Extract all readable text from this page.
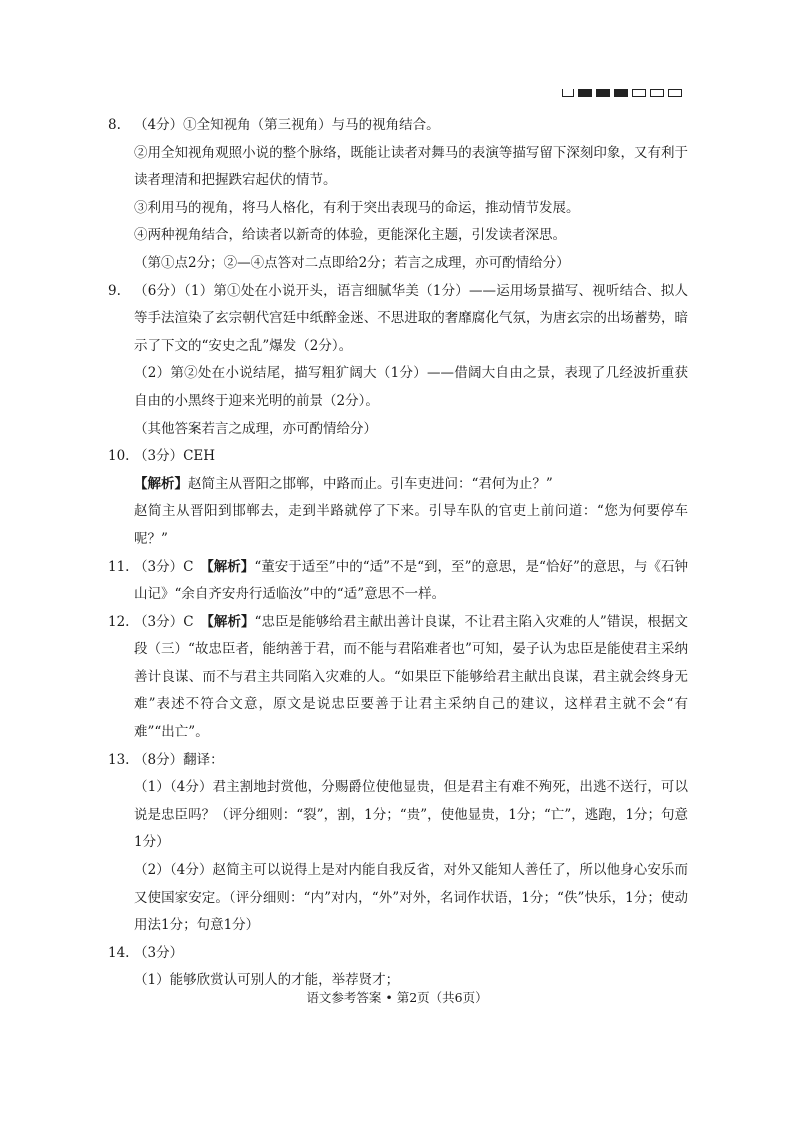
8. （4分）①全知视角（第三视角）与马的视角结合。

②用全知视角观照小说的整个脉络，既能让读者对舞马的表演等描写留下深刻印象，又有利于读者理清和把握跌宕起伏的情节。

③利用马的视角，将马人格化，有利于突出表现马的命运，推动情节发展。

④两种视角结合，给读者以新奇的体验，更能深化主题，引发读者深思。

（第①点2分；②—④点答对二点即给2分；若言之成理，亦可酌情给分）

9. （6分）（1）第①处在小说开头，语言细腻华美（1分）——运用场景描写、视听结合、拟人等手法渲染了玄宗朝代宫廷中纸醉金迷、不思进取的奢靡腐化气氛，为唐玄宗的出场蓄势，暗示了下文的“安史之乱”爆发（2分）。

（2）第②处在小说结尾，描写粗犷阔大（1分）——借阔大自由之景，表现了几经波折重获自由的小黑终于迎来光明的前景（2分）。

（其他答案若言之成理，亦可酌情给分）

10. （3分）CEH

【解析】赵简主从晋阳之邯郸，中路而止。引车吏进问：“君何为止？”

赵简主从晋阳到邯郸去，走到半路就停了下来。引导车队的官吏上前问道：“您为何要停车呢？”

11. （3分）C　【解析】“董安于适至”中的“适”不是“到，至”的意思，是“恰好”的意思，与《石钟山记》“余自齐安舟行适临汝”中的“适”意思不一样。

12. （3分）C　【解析】“忠臣是能够给君主献出善计良谋，不让君主陷入灾难的人”错误，根据文段（三）“故忠臣者，能纳善于君，而不能与君陷难者也”可知，晏子认为忠臣是能使君主采纳善计良谋、而不与君主共同陷入灾难的人。“如果臣下能够给君主献出良谋，君主就会终身无难”表述不符合文意，原文是说忠臣要善于让君主采纳自己的建议，这样君主就不会“有难”“出亡”。

13. （8分）翻译：

（1）（4分）君主割地封赏他，分赐爵位使他显贵，但是君主有难不殉死，出逃不送行，可以说是忠臣吗？（评分细则：“裂”，割，1分；“贵”，使他显贵，1分；“亡”，逃跑，1分；句意1分）

（2）（4分）赵简主可以说得上是对内能自我反省，对外又能知人善任了，所以他身心安乐而又使国家安定。（评分细则：“内”对内，“外”对外，名词作状语，1分；“佚”快乐，1分；使动用法1分；句意1分）

14. （3分）

（1）能够欣赏认可别人的才能，举荐贤才；

语文参考答案 • 第2页（共6页）
